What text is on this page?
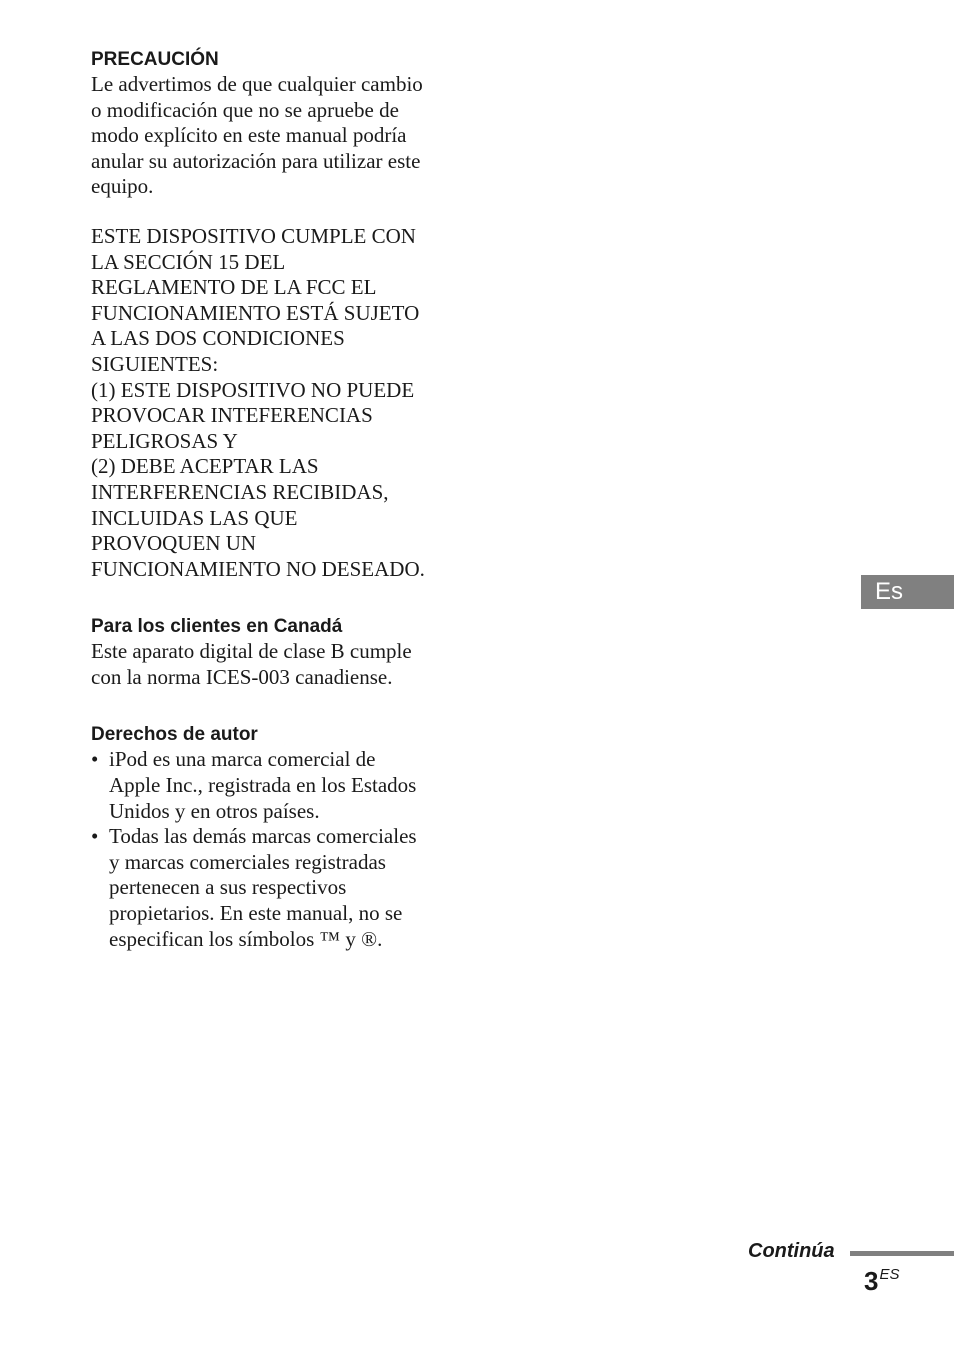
PRECAUCIÓN

Le advertimos de que cualquier cambio

o modificación que no se apruebe de

modo explícito en este manual podría

anular su autorización para utilizar este

equipo.

ESTE DISPOSITIVO CUMPLE CON

LA SECCIÓN 15 DEL

REGLAMENTO DE LA FCC EL

FUNCIONAMIENTO ESTÁ SUJETO

A LAS DOS CONDICIONES

SIGUIENTES:

(1) ESTE DISPOSITIVO NO PUEDE

PROVOCAR INTEFERENCIAS

PELIGROSAS Y

(2) DEBE ACEPTAR LAS

INTERFERENCIAS RECIBIDAS,

INCLUIDAS LAS QUE

PROVOQUEN UN

FUNCIONAMIENTO NO DESEADO.

Para los clientes en Canadá

Este aparato digital de clase B cumple

con la norma ICES-003 canadiense.

Derechos de autor
• iPod es una marca comercial de

Apple Inc., registrada en los Estados

Unidos y en otros países.

• Todas las demás marcas comerciales

y marcas comerciales registradas

pertenecen a sus respectivos

propietarios. En este manual, no se

especifican los símbolos ™ y ®.

Es
Continúa
3ES
